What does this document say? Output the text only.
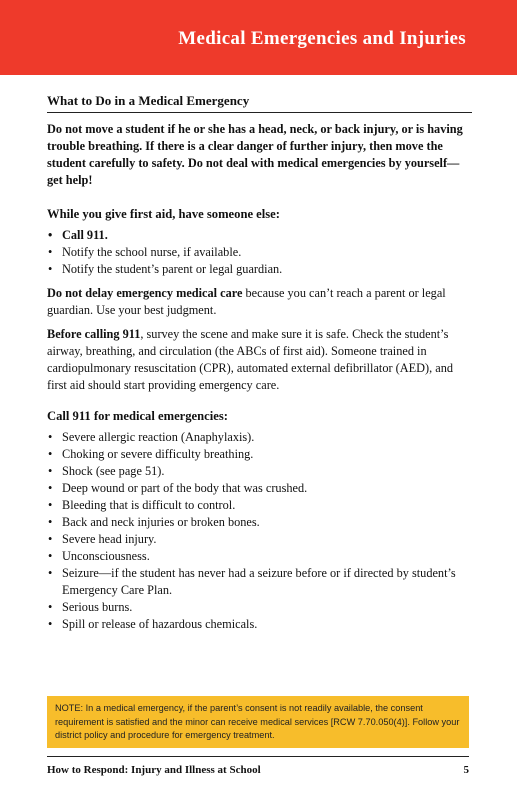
Medical Emergencies and Injuries
What to Do in a Medical Emergency

Do not move a student if he or she has a head, neck, or back injury, or is having trouble breathing. If there is a clear danger of further injury, then move the student carefully to safety. Do not deal with medical emergencies by yourself—get help!

While you give first aid, have someone else:
• Call 911.
• Notify the school nurse, if available.
• Notify the student’s parent or legal guardian.

Do not delay emergency medical care because you can’t reach a parent or legal guardian. Use your best judgment.

Before calling 911, survey the scene and make sure it is safe. Check the student’s airway, breathing, and circulation (the ABCs of first aid). Someone trained in cardiopulmonary resuscitation (CPR), automated external defibrillator (AED), and first aid should start providing emergency care.

Call 911 for medical emergencies:
• Severe allergic reaction (Anaphylaxis).
• Choking or severe difficulty breathing.
• Shock (see page 51).
• Deep wound or part of the body that was crushed.
• Bleeding that is difficult to control.
• Back and neck injuries or broken bones.
• Severe head injury.
• Unconsciousness.
• Seizure—if the student has never had a seizure before or if directed by student’s Emergency Care Plan.
• Serious burns.
• Spill or release of hazardous chemicals.
NOTE: In a medical emergency, if the parent’s consent is not readily available, the consent requirement is satisfied and the minor can receive medical services [RCW 7.70.050(4)]. Follow your district policy and procedure for emergency treatment.
How to Respond: Injury and Illness at School	5
